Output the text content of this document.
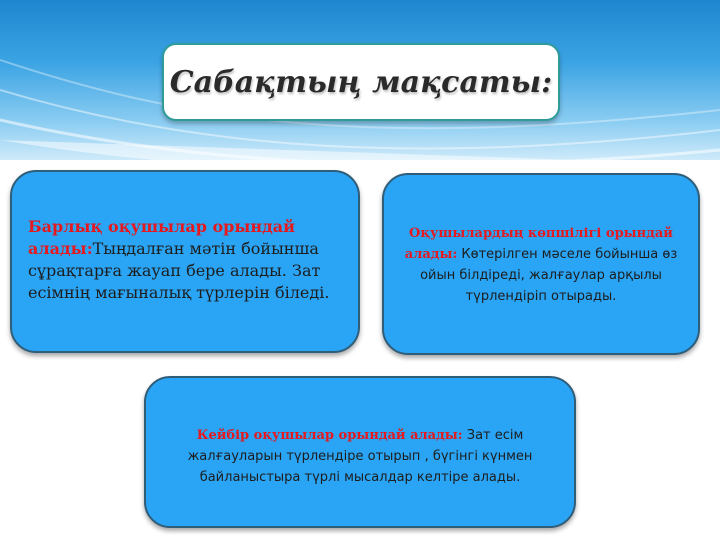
Сабақтың мақсаты:
Барлық оқушылар орындай алады:Тыңдалған мәтін бойынша сұрақтарға жауап бере алады. Зат есімнің мағыналық түрлерін біледі.
Оқушылардың көпшілігі орындай алады: Көтерілген мәселе бойынша өз ойын білдіреді, жалғаулар арқылы түрлендіріп отырады.
Кейбір оқушылар орындай алады: Зат есім жалғауларын түрлендіре отырып , бүгінгі күнмен байланыстыра түрлі мысалдар келтіре алады.
